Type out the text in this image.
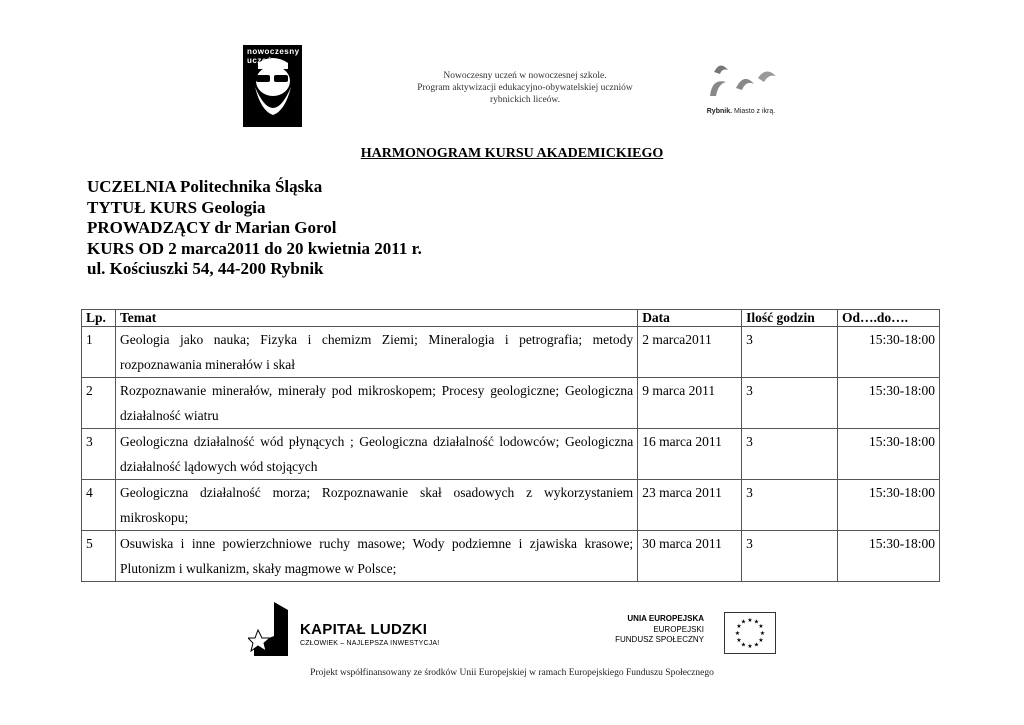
nowoczesny uczeń
Nowoczesny uczeń w nowoczesnej szkole.
Program aktywizacji edukacyjno-obywatelskiej uczniów
rybnickich liceów.
Rybnik. Miasto z ikrą.
HARMONOGRAM KURSU AKADEMICKIEGO
UCZELNIA Politechnika Śląska
TYTUŁ KURS Geologia
PROWADZĄCY dr Marian Gorol
KURS OD 2 marca2011 do 20 kwietnia 2011 r.
ul. Kościuszki 54, 44-200 Rybnik
Lp.	Temat	Data	Ilość godzin	Od….do….
1	Geologia jako nauka; Fizyka i chemizm Ziemi; Mineralogia i petrografia; metody rozpoznawania minerałów i skał	2 marca2011	3	15:30-18:00
2	Rozpoznawanie minerałów, minerały pod mikroskopem; Procesy geologiczne; Geologiczna działalność wiatru	9 marca 2011	3	15:30-18:00
3	Geologiczna działalność wód płynących ; Geologiczna działalność lodowców; Geologiczna działalność lądowych wód stojących	16 marca 2011	3	15:30-18:00
4	Geologiczna działalność morza; Rozpoznawanie skał osadowych z wykorzystaniem mikroskopu;	23 marca 2011	3	15:30-18:00
5	Osuwiska i inne powierzchniowe ruchy masowe; Wody podziemne i zjawiska krasowe; Plutonizm i wulkanizm, skały magmowe w Polsce;	30 marca 2011	3	15:30-18:00
KAPITAŁ LUDZKI
CZŁOWIEK – NAJLEPSZA INWESTYCJA!
UNIA EUROPEJSKA
EUROPEJSKI
FUNDUSZ SPOŁECZNY
★ ★
★
★
★
★
★
★
★
★
★
★
Projekt współfinansowany ze środków Unii Europejskiej w ramach Europejskiego Funduszu Społecznego
